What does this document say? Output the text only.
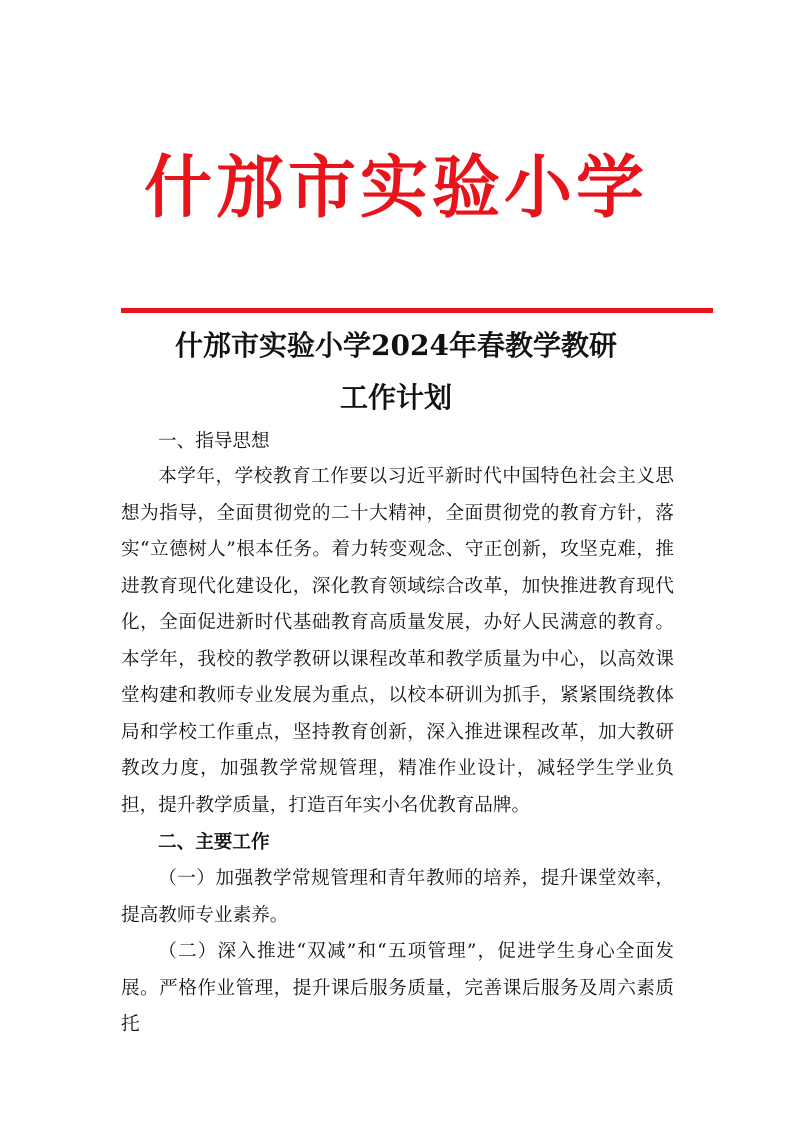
什邡市实验小学
什邡市实验小学2024年春教学教研
工作计划
一、指导思想

本学年，学校教育工作要以习近平新时代中国特色社会主义思想为指导，全面贯彻党的二十大精神，全面贯彻党的教育方针，落实“立德树人”根本任务。着力转变观念、守正创新，攻坚克难，推进教育现代化建设化，深化教育领域综合改革，加快推进教育现代化，全面促进新时代基础教育高质量发展，办好人民满意的教育。本学年，我校的教学教研以课程改革和教学质量为中心，以高效课堂构建和教师专业发展为重点，以校本研训为抓手，紧紧围绕教体局和学校工作重点，坚持教育创新，深入推进课程改革，加大教研教改力度，加强教学常规管理，精准作业设计，减轻学生学业负担，提升教学质量，打造百年实小名优教育品牌。

二、主要工作

（一）加强教学常规管理和青年教师的培养，提升课堂效率，提高教师专业素养。

（二）深入推进“双减”和“五项管理”，促进学生身心全面发展。严格作业管理，提升课后服务质量，完善课后服务及周六素质托
